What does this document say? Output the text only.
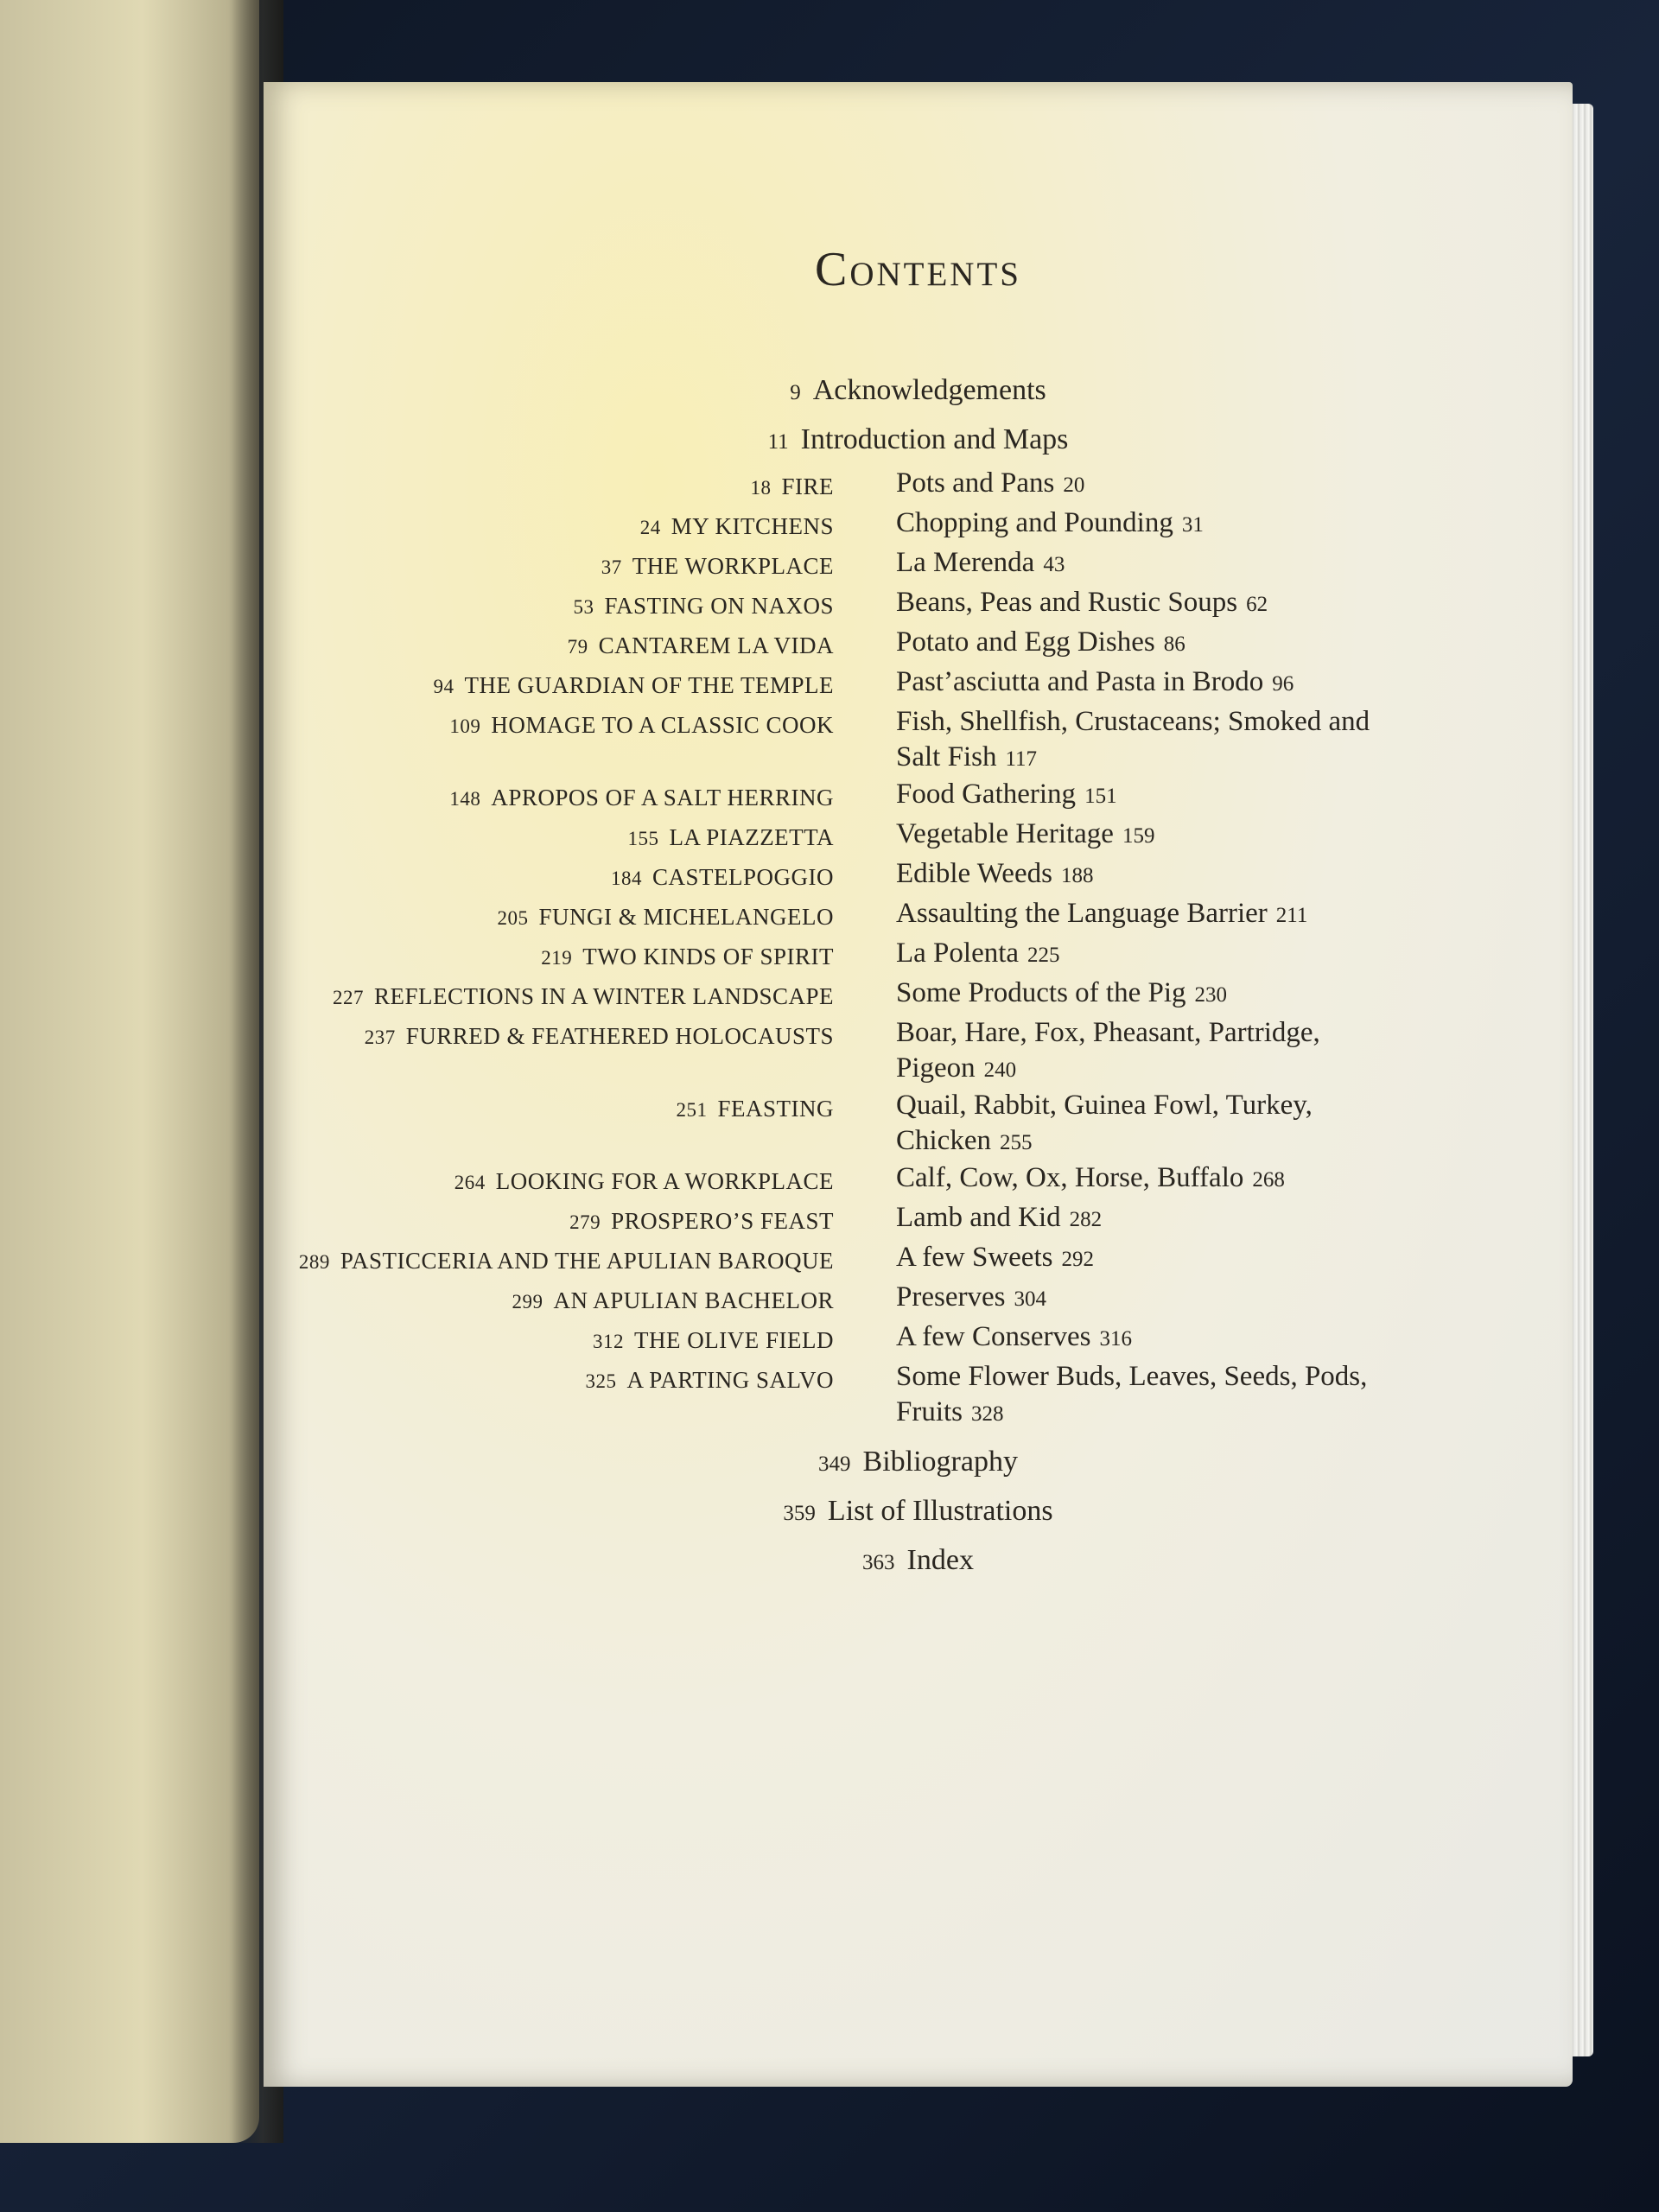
Contents
9 Acknowledgements
11 Introduction and Maps
18 FIRE Pots and Pans 20
24 MY KITCHENS Chopping and Pounding 31
37 THE WORKPLACE La Merenda 43
53 FASTING ON NAXOS Beans, Peas and Rustic Soups 62
79 CANTAREM LA VIDA Potato and Egg Dishes 86
94 THE GUARDIAN OF THE TEMPLE Past’asciutta and Pasta in Brodo 96
109 HOMAGE TO A CLASSIC COOK Fish, Shellfish, Crustaceans; Smoked and Salt Fish 117
148 APROPOS OF A SALT HERRING Food Gathering 151
155 LA PIAZZETTA Vegetable Heritage 159
184 CASTELPOGGIO Edible Weeds 188
205 FUNGI & MICHELANGELO Assaulting the Language Barrier 211
219 TWO KINDS OF SPIRIT La Polenta 225
227 REFLECTIONS IN A WINTER LANDSCAPE Some Products of the Pig 230
237 FURRED & FEATHERED HOLOCAUSTS Boar, Hare, Fox, Pheasant, Partridge, Pigeon 240
251 FEASTING Quail, Rabbit, Guinea Fowl, Turkey, Chicken 255
264 LOOKING FOR A WORKPLACE Calf, Cow, Ox, Horse, Buffalo 268
279 PROSPERO’S FEAST Lamb and Kid 282
289 PASTICCERIA AND THE APULIAN BAROQUE A few Sweets 292
299 AN APULIAN BACHELOR Preserves 304
312 THE OLIVE FIELD A few Conserves 316
325 A PARTING SALVO Some Flower Buds, Leaves, Seeds, Pods, Fruits 328
349 Bibliography
359 List of Illustrations
363 Index
